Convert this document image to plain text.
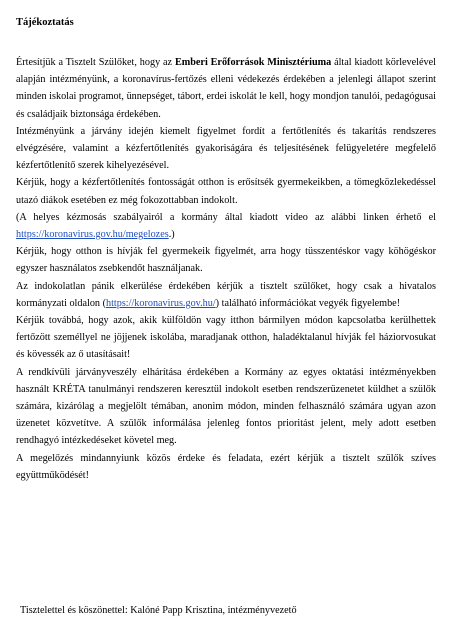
Tájékoztatás

Értesítjük a Tisztelt Szülőket, hogy az Emberi Erőforrások Minisztériuma által kiadott körlevelével alapján intézményünk, a koronavírus-fertőzés elleni védekezés érdekében a jelenlegi állapot szerint minden iskolai programot, ünnepséget, tábort, erdei iskolát le kell, hogy mondjon tanulói, pedagógusai és családjaik biztonsága érdekében.

Intézményünk a járvány idején kiemelt figyelmet fordít a fertőtlenítés és takarítás rendszeres elvégzésére, valamint a kézfertőtlenítés gyakoriságára és teljesítésének felügyeletére megfelelő kézfertőtlenítő szerek kihelyezésével.

Kérjük, hogy a kézfertőtlenítés fontosságát otthon is erősítsék gyermekeikben, a tömegközlekedéssel utazó diákok esetében ez még fokozottabban indokolt.

(A helyes kézmosás szabályairól a kormány által kiadott video az alábbi linken érhető el https://koronavirus.gov.hu/megelozes.)

Kérjük, hogy otthon is hívják fel gyermekeik figyelmét, arra hogy tüsszentéskor vagy köhögéskor egyszer használatos zsebkendőt használjanak.

Az indokolatlan pánik elkerülése érdekében kérjük a tisztelt szülőket, hogy csak a hivatalos kormányzati oldalon (https://koronavirus.gov.hu/) található információkat vegyék figyelembe!

Kérjük továbbá, hogy azok, akik külföldön vagy itthon bármilyen módon kapcsolatba kerülhettek fertőzött személlyel ne jöjjenek iskolába, maradjanak otthon, haladéktalanul hívják fel háziorvosukat és kövessék az ő utasításait!

A rendkívüli járványveszély elhárítása érdekében a Kormány az egyes oktatási intézményekben használt KRÉTA tanulmányi rendszeren keresztül indokolt esetben rendszerüzenetet küldhet a szülők számára, kizárólag a megjelölt témában, anonim módon, minden felhasználó számára ugyan azon üzenetet közvetítve. A szülők informálása jelenleg fontos prioritást jelent, mely adott esetben rendhagyó intézkedéseket követel meg.

A megelőzés mindannyiunk közös érdeke és feladata, ezért kérjük a tisztelt szülők szíves együttműködését!

Tisztelettel és köszönettel: Kalóné Papp Krisztina, intézményvezető
